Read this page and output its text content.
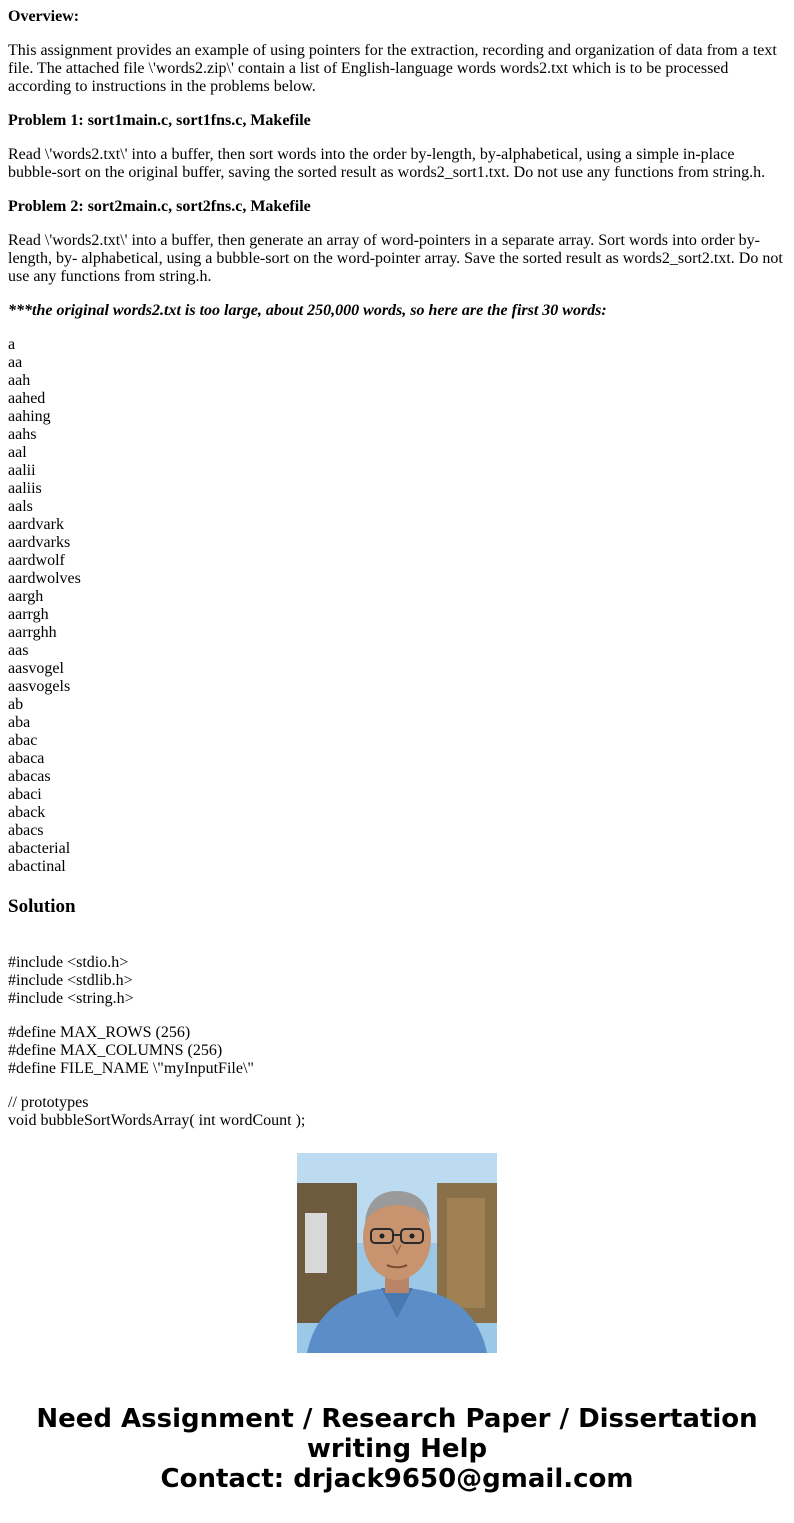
Overview:

This assignment provides an example of using pointers for the extraction, recording and organization of data from a text file. The attached file \'words2.zip\' contain a list of English-language words words2.txt which is to be processed according to instructions in the problems below.

Problem 1: sort1main.c, sort1fns.c, Makefile

Read \'words2.txt\' into a buffer, then sort words into the order by-length, by-alphabetical, using a simple in-place bubble-sort on the original buffer, saving the sorted result as words2_sort1.txt. Do not use any functions from string.h.

Problem 2: sort2main.c, sort2fns.c, Makefile

Read \'words2.txt\' into a buffer, then generate an array of word-pointers in a separate array. Sort words into order by-length, by- alphabetical, using a bubble-sort on the word-pointer array. Save the sorted result as words2_sort2.txt. Do not use any functions from string.h.

***the original words2.txt is too large, about 250,000 words, so here are the first 30 words:

a
aa
aah
aahed
aahing
aahs
aal
aalii
aaliis
aals
aardvark
aardvarks
aardwolf
aardwolves
aargh
aarrgh
aarrghh
aas
aasvogel
aasvogels
ab
aba
abac
abaca
abacas
abaci
aback
abacs
abacterial
abactinal
Solution
#include <stdio.h>
#include <stdlib.h>
#include <string.h>
#define MAX_ROWS (256)
#define MAX_COLUMNS (256)
#define FILE_NAME \"myInputFile\"
// prototypes
void bubbleSortWordsArray( int wordCount );
Need Assignment / Research Paper / Dissertation
writing Help
Contact: drjack9650@gmail.com
